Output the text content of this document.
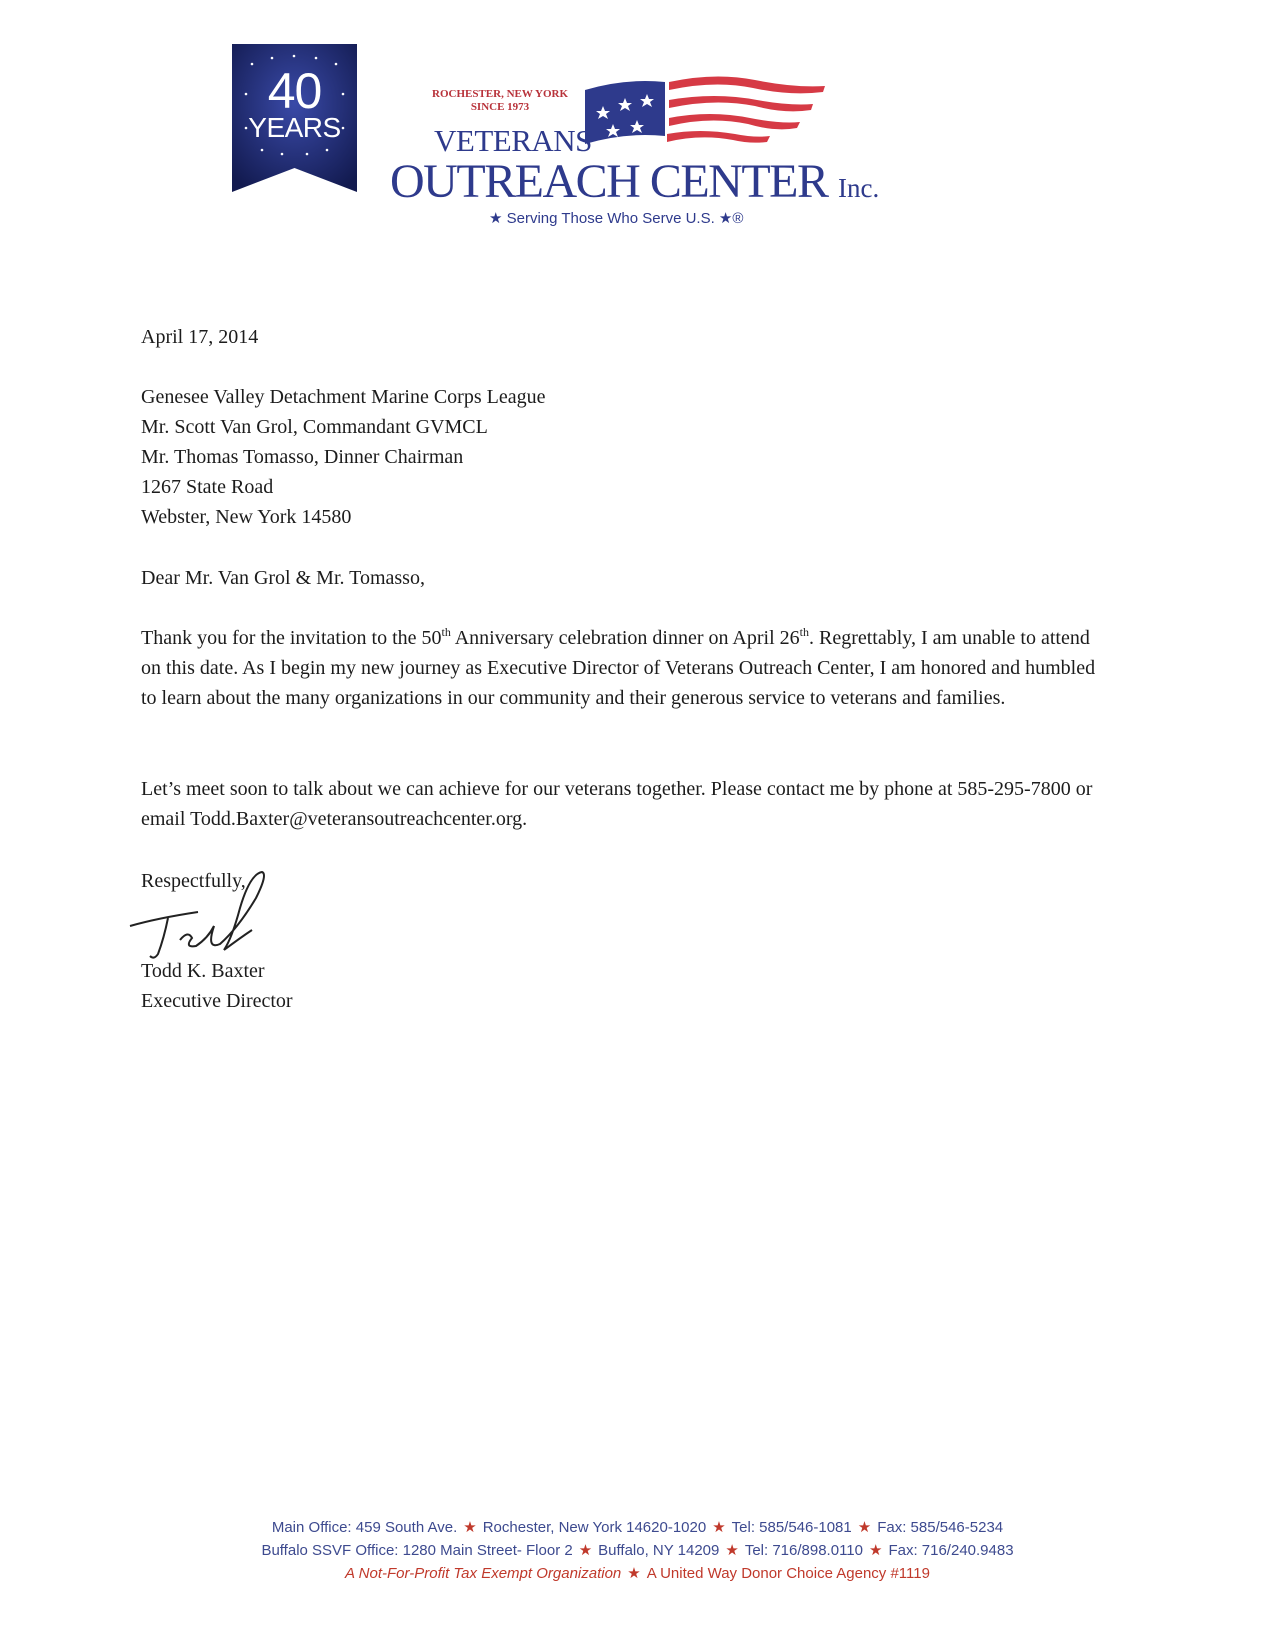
40
YEARS
ROCHESTER, NEW YORK
SINCE 1973
VETERANS
OUTREACH CENTER Inc.
★ Serving Those Who Serve U.S. ★®
April 17, 2014
Genesee Valley Detachment Marine Corps League
Mr. Scott Van Grol, Commandant GVMCL
Mr. Thomas Tomasso, Dinner Chairman
1267 State Road
Webster, New York 14580
Dear Mr. Van Grol & Mr. Tomasso,
Thank you for the invitation to the 50th Anniversary celebration dinner on April 26th. Regrettably, I am unable to attend on this date. As I begin my new journey as Executive Director of Veterans Outreach Center, I am honored and humbled to learn about the many organizations in our community and their generous service to veterans and families.
Let’s meet soon to talk about we can achieve for our veterans together. Please contact me by phone at 585-295-7800 or email Todd.Baxter@veteransoutreachcenter.org.
Respectfully,
Todd K. Baxter
Executive Director
Main Office: 459 South Ave. ★ Rochester, New York 14620-1020 ★ Tel: 585/546-1081 ★ Fax: 585/546-5234
Buffalo SSVF Office: 1280 Main Street- Floor 2 ★ Buffalo, NY 14209 ★ Tel: 716/898.0110 ★ Fax: 716/240.9483
A Not-For-Profit Tax Exempt Organization ★ A United Way Donor Choice Agency #1119
